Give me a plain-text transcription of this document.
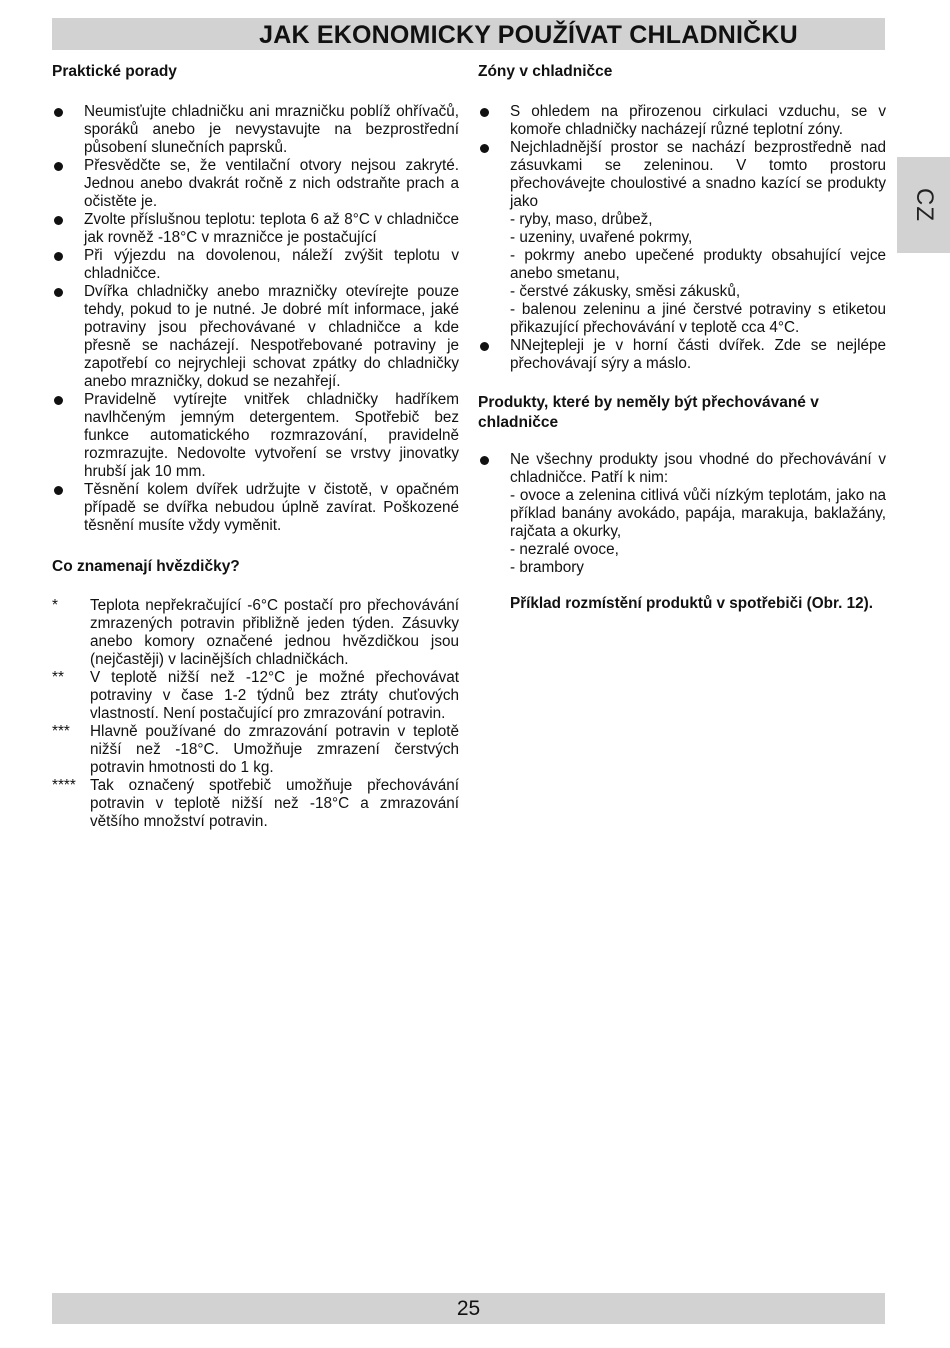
JAK EKONOMICKY POUŽÍVAT CHLADNIČKU
CZ
Praktické porady
Neumisťujte chladničku ani mrazničku poblíž ohřívačů, sporáků anebo je nevystavujte na bezprostřední působení slunečních paprsků.
Přesvědčte se, že ventilační otvory nejsou zakryté. Jednou anebo dvakrát ročně z nich odstraňte prach a očistěte je.
Zvolte příslušnou teplotu: teplota 6 až 8°C v chladničce jak rovněž -18°C v mrazničce je postačující
Při výjezdu na dovolenou, náleží zvýšit teplotu v chladničce.
Dvířka chladničky anebo mrazničky otevírejte pouze tehdy, pokud to je nutné. Je dobré mít informace, jaké potraviny jsou přechovávané v chladničce a kde přesně se nacházejí. Nespotřebované potraviny je zapotřebí co nejrychleji schovat zpátky do chladničky anebo mrazničky, dokud se nezahřejí.
Pravidelně vytírejte vnitřek chladničky hadříkem navlhčeným jemným detergentem. Spotřebič bez funkce automatického rozmrazování, pravidelně rozmrazujte. Nedovolte vytvoření se vrstvy jinovatky hrubší jak 10 mm.
Těsnění kolem dvířek udržujte v čistotě, v opačném případě se dvířka nebudou úplně zavírat. Poškozené těsnění musíte vždy vyměnit.
Co znamenají hvězdičky?
* Teplota nepřekračující -6°C postačí pro přechovávání zmrazených potravin přibližně jeden týden. Zásuvky anebo komory označené jednou hvězdičkou jsou (nejčastěji) v lacinějších chladničkách.
** V teplotě nižší než -12°C je možné přechovávat potraviny v čase 1-2 týdnů bez ztráty chuťových vlastností. Není postačující pro zmrazování potravin.
*** Hlavně používané do zmrazování potravin v teplotě nižší než -18°C. Umožňuje zmrazení čerstvých potravin hmotnosti do 1 kg.
**** Tak označený spotřebič umožňuje přechovávání potravin v teplotě nižší než -18°C a zmrazování většího množství potravin.
Zóny v chladničce
S ohledem na přirozenou cirkulaci vzduchu, se v komoře chladničky nacházejí různé teplotní zóny.
Nejchladnější prostor se nachází bezprostředně nad zásuvkami se zeleninou. V tomto prostoru přechovávejte choulostivé a snadno kazící se produkty jako
- ryby, maso, drůbež,
- uzeniny, uvařené pokrmy,
- pokrmy anebo upečené produkty obsahující vejce anebo smetanu,
- čerstvé zákusky, směsi zákusků,
- balenou zeleninu a jiné čerstvé potraviny s etiketou přikazující přechovávání v teplotě cca 4°C.
NNejtepleji je v horní části dvířek. Zde se nejlépe přechovávají sýry a máslo.
Produkty, které by neměly být přechovávané v chladničce
Ne všechny produkty jsou vhodné do přechovávání v chladničce. Patří k nim:
- ovoce a zelenina citlivá vůči nízkým teplotám, jako na příklad banány avokádo, papája, marakuja, baklažány, rajčata a okurky,
- nezralé ovoce,
- brambory
Příklad rozmístění produktů v spotřebiči (Obr. 12).
25
